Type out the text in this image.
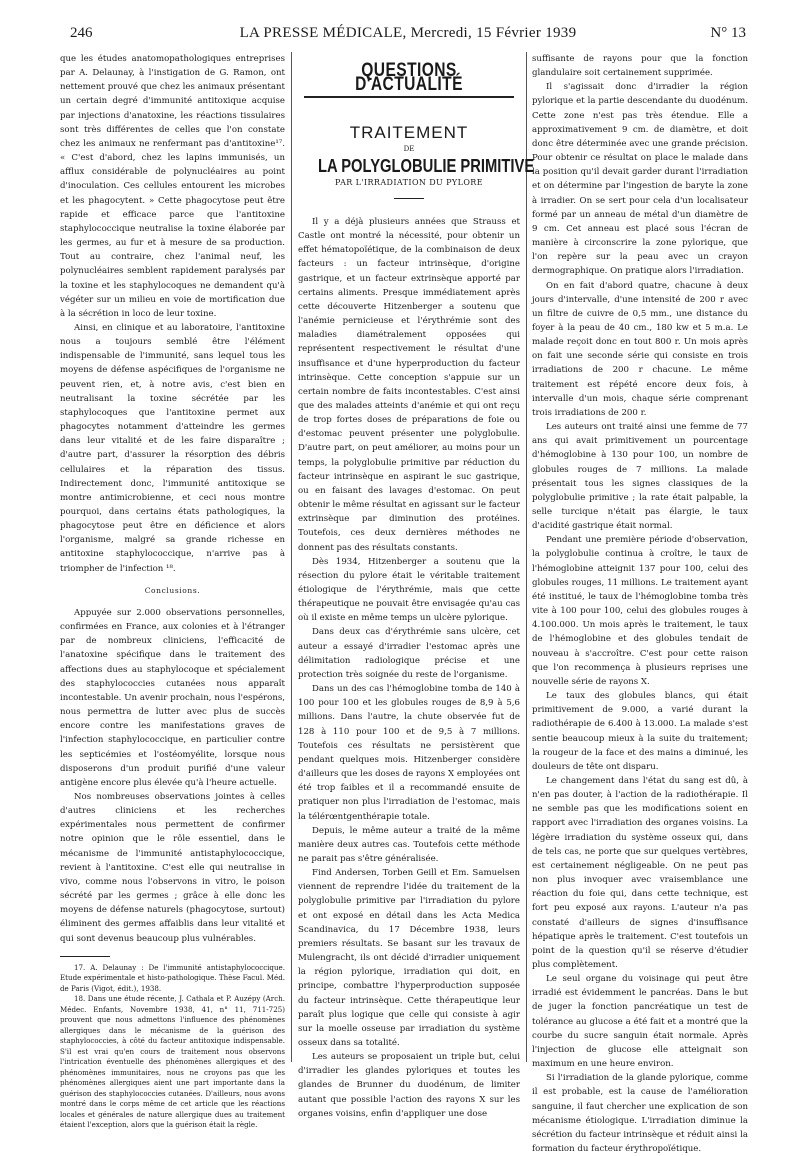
246	LA PRESSE MÉDICALE, Mercredi, 15 Février 1939	N° 13

que les études anatomopathologiques entreprises par A. Delaunay, à l'instigation de G. Ramon, ont nettement prouvé que chez les animaux présentant un certain degré d'immunité antitoxique acquise par injections d'anatoxine, les réactions tissulaires sont très différentes de celles que l'on constate chez les animaux ne renfermant pas d'antitoxine¹⁷. « C'est d'abord, chez les lapins immunisés, un afflux considérable de polynucléaires au point d'inoculation. Ces cellules entourent les microbes et les phagocytent. » Cette phagocytose peut être rapide et efficace parce que l'antitoxine staphylococcique neutralise la toxine élaborée par les germes, au fur et à mesure de sa production. Tout au contraire, chez l'animal neuf, les polynucléaires semblent rapidement paralysés par la toxine et les staphylocoques ne demandent qu'à végéter sur un milieu en voie de mortification due à la sécrétion in loco de leur toxine.

Ainsi, en clinique et au laboratoire, l'antitoxine nous a toujours semblé être l'élément indispensable de l'immunité, sans lequel tous les moyens de défense aspécifiques de l'organisme ne peuvent rien, et, à notre avis, c'est bien en neutralisant la toxine sécrétée par les staphylocoques que l'antitoxine permet aux phagocytes notamment d'atteindre les germes dans leur vitalité et de les faire disparaître ; d'autre part, d'assurer la résorption des débris cellulaires et la réparation des tissus. Indirectement donc, l'immunité antitoxique se montre antimicrobienne, et ceci nous montre pourquoi, dans certains états pathologiques, la phagocytose peut être en déficience et alors l'organisme, malgré sa grande richesse en antitoxine staphylococcique, n'arrive pas à triompher de l'infection ¹⁸.

Conclusions.

Appuyée sur 2.000 observations personnelles, confirmées en France, aux colonies et à l'étranger par de nombreux cliniciens, l'efficacité de l'anatoxine spécifique dans le traitement des affections dues au staphylocoque et spécialement des staphylococcies cutanées nous apparaît incontestable. Un avenir prochain, nous l'espérons, nous permettra de lutter avec plus de succès encore contre les manifestations graves de l'infection staphylococcique, en particulier contre les septicémies et l'ostéomyélite, lorsque nous disposerons d'un produit purifié d'une valeur antigène encore plus élevée qu'à l'heure actuelle.

Nos nombreuses observations jointes à celles d'autres cliniciens et les recherches expérimentales nous permettent de confirmer notre opinion que le rôle essentiel, dans le mécanisme de l'immunité antistaphylococcique, revient à l'antitoxine. C'est elle qui neutralise in vivo, comme nous l'observons in vitro, le poison sécrété par les germes ; grâce à elle donc les moyens de défense naturels (phagocytose, surtout) éliminent des germes affaiblis dans leur vitalité et qui sont devenus beaucoup plus vulnérables.

17. A. Delaunay : De l'immunité antistaphylococcique. Etude expérimentale et histo-pathologique. Thèse Facul. Méd. de Paris (Vigot, édit.), 1938.

18. Dans une étude récente, J. Cathala et P. Auzépy (Arch. Médec. Enfants, Novembre 1938, 41, n° 11, 711-725) prouvent que nous admettons l'influence des phénomènes allergiques dans le mécanisme de la guérison des staphylococcies, à côté du facteur antitoxique indispensable. S'il est vrai qu'en cours de traitement nous observons l'intrication éventuelle des phénomènes allergiques et des phénomènes immunitaires, nous ne croyons pas que les phénomènes allergiques aient une part importante dans la guérison des staphylococcies cutanées. D'ailleurs, nous avons montré dans le corps même de cet article que les réactions locales et générales de nature allergique dues au traitement étaient l'exception, alors que la guérison était la règle.

QUESTIONS D'ACTUALITÉ
TRAITEMENT
DE
LA POLYGLOBULIE PRIMITIVE
PAR L'IRRADIATION DU PYLORE

Il y a déjà plusieurs années que Strauss et Castle ont montré la nécessité, pour obtenir un effet hématopoïétique, de la combinaison de deux facteurs : un facteur intrinsèque, d'origine gastrique, et un facteur extrinsèque apporté par certains aliments. Presque immédiatement après cette découverte Hitzenberger a soutenu que l'anémie pernicieuse et l'érythrémie sont des maladies diamétralement opposées qui représentent respectivement le résultat d'une insuffisance et d'une hyperproduction du facteur intrinsèque. Cette conception s'appuie sur un certain nombre de faits incontestables. C'est ainsi que des malades atteints d'anémie et qui ont reçu de trop fortes doses de préparations de foie ou d'estomac peuvent présenter une polyglobulie. D'autre part, on peut améliorer, au moins pour un temps, la polyglobulie primitive par réduction du facteur intrinsèque en aspirant le suc gastrique, ou en faisant des lavages d'estomac. On peut obtenir le même résultat en agissant sur le facteur extrinsèque par diminution des protéines. Toutefois, ces deux dernières méthodes ne donnent pas des résultats constants.

Dès 1934, Hitzenberger a soutenu que la résection du pylore était le véritable traitement étiologique de l'érythrémie, mais que cette thérapeutique ne pouvait être envisagée qu'au cas où il existe en même temps un ulcère pylorique.

Dans deux cas d'érythrémie sans ulcère, cet auteur a essayé d'irradier l'estomac après une délimitation radiologique précise et une protection très soignée du reste de l'organisme.

Dans un des cas l'hémoglobine tomba de 140 à 100 pour 100 et les globules rouges de 8,9 à 5,6 millions. Dans l'autre, la chute observée fut de 128 à 110 pour 100 et de 9,5 à 7 millions. Toutefois ces résultats ne persistèrent que pendant quelques mois. Hitzenberger considère d'ailleurs que les doses de rayons X employées ont été trop faibles et il a recommandé ensuite de pratiquer non plus l'irradiation de l'estomac, mais la télérœntgenthérapie totale.

Depuis, le même auteur a traité de la même manière deux autres cas. Toutefois cette méthode ne parait pas s'être généralisée.

Find Andersen, Torben Geill et Em. Samuelsen viennent de reprendre l'idée du traitement de la polyglobulie primitive par l'irradiation du pylore et ont exposé en détail dans les Acta Medica Scandinavica, du 17 Décembre 1938, leurs premiers résultats. Se basant sur les travaux de Mulengracht, ils ont décidé d'irradier uniquement la région pylorique, irradiation qui doit, en principe, combattre l'hyperproduction supposée du facteur intrinsèque. Cette thérapeutique leur paraît plus logique que celle qui consiste à agir sur la moelle osseuse par irradiation du système osseux dans sa totalité.

Les auteurs se proposaient un triple but, celui d'irradier les glandes pyloriques et toutes les glandes de Brunner du duodénum, de limiter autant que possible l'action des rayons X sur les organes voisins, enfin d'appliquer une dose

suffisante de rayons pour que la fonction glandulaire soit certainement supprimée.

Il s'agissait donc d'irradier la région pylorique et la partie descendante du duodénum. Cette zone n'est pas très étendue. Elle a approximativement 9 cm. de diamètre, et doit donc être déterminée avec une grande précision. Pour obtenir ce résultat on place le malade dans la position qu'il devait garder durant l'irradiation et on détermine par l'ingestion de baryte la zone à irradier. On se sert pour cela d'un localisateur formé par un anneau de métal d'un diamètre de 9 cm. Cet anneau est placé sous l'écran de manière à circonscrire la zone pylorique, que l'on repère sur la peau avec un crayon dermographique. On pratique alors l'irradiation.

On en fait d'abord quatre, chacune à deux jours d'intervalle, d'une intensité de 200 r avec un filtre de cuivre de 0,5 mm., une distance du foyer à la peau de 40 cm., 180 kw et 5 m.a. Le malade reçoit donc en tout 800 r. Un mois après on fait une seconde série qui consiste en trois irradiations de 200 r chacune. Le même traitement est répété encore deux fois, à intervalle d'un mois, chaque série comprenant trois irradiations de 200 r.

Les auteurs ont traité ainsi une femme de 77 ans qui avait primitivement un pourcentage d'hémoglobine à 130 pour 100, un nombre de globules rouges de 7 millions. La malade présentait tous les signes classiques de la polyglobulie primitive ; la rate était palpable, la selle turcique n'était pas élargie, le taux d'acidité gastrique était normal.

Pendant une première période d'observation, la polyglobulie continua à croître, le taux de l'hémoglobine atteignit 137 pour 100, celui des globules rouges, 11 millions. Le traitement ayant été institué, le taux de l'hémoglobine tomba très vite à 100 pour 100, celui des globules rouges à 4.100.000. Un mois après le traitement, le taux de l'hémoglobine et des globules tendait de nouveau à s'accroître. C'est pour cette raison que l'on recommença à plusieurs reprises une nouvelle série de rayons X.

Le taux des globules blancs, qui était primitivement de 9.000, a varié durant la radiothérapie de 6.400 à 13.000. La malade s'est sentie beaucoup mieux à la suite du traitement; la rougeur de la face et des mains a diminué, les douleurs de tête ont disparu.

Le changement dans l'état du sang est dû, à n'en pas douter, à l'action de la radiothérapie. Il ne semble pas que les modifications soient en rapport avec l'irradiation des organes voisins. La légère irradiation du système osseux qui, dans de tels cas, ne porte que sur quelques vertèbres, est certainement négligeable. On ne peut pas non plus invoquer avec vraisemblance une réaction du foie qui, dans cette technique, est fort peu exposé aux rayons. L'auteur n'a pas constaté d'ailleurs de signes d'insuffisance hépatique après le traitement. C'est toutefois un point de la question qu'il se réserve d'étudier plus complètement.

Le seul organe du voisinage qui peut être irradié est évidemment le pancréas. Dans le but de juger la fonction pancréatique un test de tolérance au glucose a été fait et a montré que la courbe du sucre sanguin était normale. Après l'injection de glucose elle atteignait son maximum en une heure environ.

Si l'irradiation de la glande pylorique, comme il est probable, est la cause de l'amélioration sanguine, il faut chercher une explication de son mécanisme étiologique. L'irradiation diminue la sécrétion du facteur intrinsèque et réduit ainsi la formation du facteur érythropoïétique.
